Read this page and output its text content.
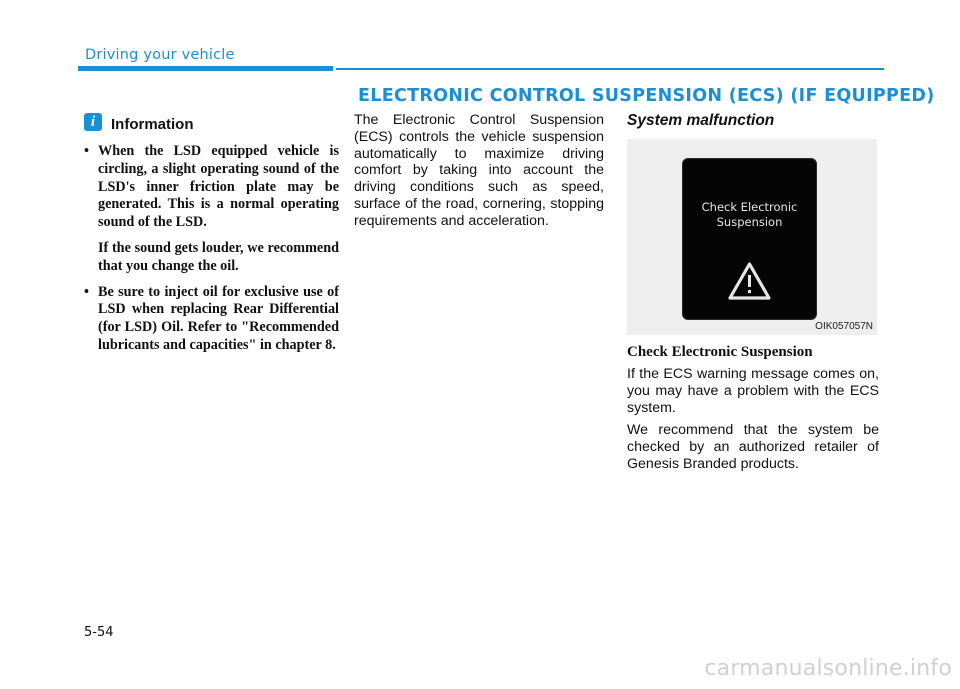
Driving your vehicle
ELECTRONIC CONTROL SUSPENSION (ECS) (IF EQUIPPED)
i	Information
• When the LSD equipped vehicle is circling, a slight operating sound of the LSD's inner friction plate may be generated. This is a normal operating sound of the LSD.

If the sound gets louder, we recommend that you change the oil.

• Be sure to inject oil for exclusive use of LSD when replacing Rear Differential (for LSD) Oil. Refer to "Recommended lubricants and capacities" in chapter 8.

The Electronic Control Suspension (ECS) controls the vehicle suspension automatically to maximize driving comfort by taking into account the driving conditions such as speed, surface of the road, cornering, stopping requirements and acceleration.

System malfunction
Check Electronic
Suspension
OIK057057N
Check Electronic Suspension

If the ECS warning message comes on, you may have a problem with the ECS system.

We recommend that the system be checked by an authorized retailer of Genesis Branded products.

5-54
carmanualsonline.info
